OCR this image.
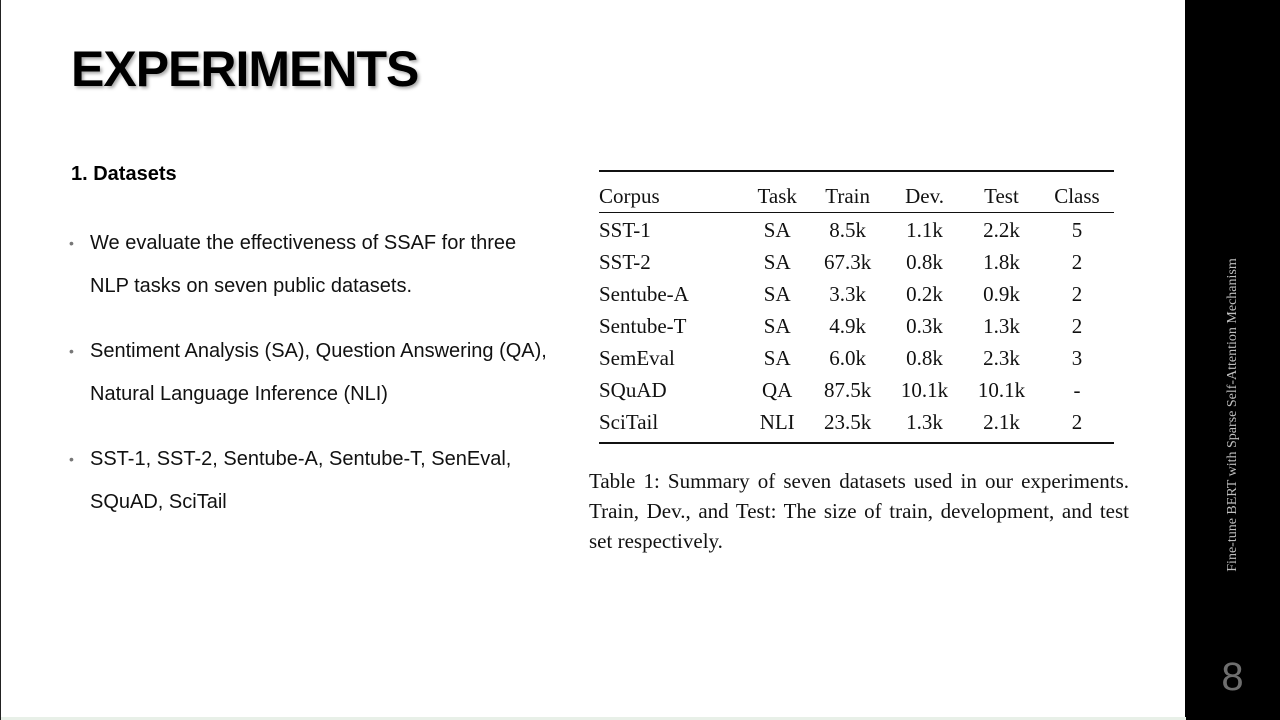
EXPERIMENTS
1. Datasets
• We evaluate the effectiveness of SSAF for three NLP tasks on seven public datasets.
• Sentiment Analysis (SA), Question Answering (QA), Natural Language Inference (NLI)
• SST-1, SST-2, Sentube-A, Sentube-T, SenEval, SQuAD, SciTail
Corpus	Task	Train	Dev.	Test	Class
SST-1	SA	8.5k	1.1k	2.2k	5
SST-2	SA	67.3k	0.8k	1.8k	2
Sentube-A	SA	3.3k	0.2k	0.9k	2
Sentube-T	SA	4.9k	0.3k	1.3k	2
SemEval	SA	6.0k	0.8k	2.3k	3
SQuAD	QA	87.5k	10.1k	10.1k	-
SciTail	NLI	23.5k	1.3k	2.1k	2
Table 1: Summary of seven datasets used in our experiments. Train, Dev., and Test: The size of train, development, and test set respectively.	Fine-tune BERT with Sparse Self-Attention Mechanism
8
